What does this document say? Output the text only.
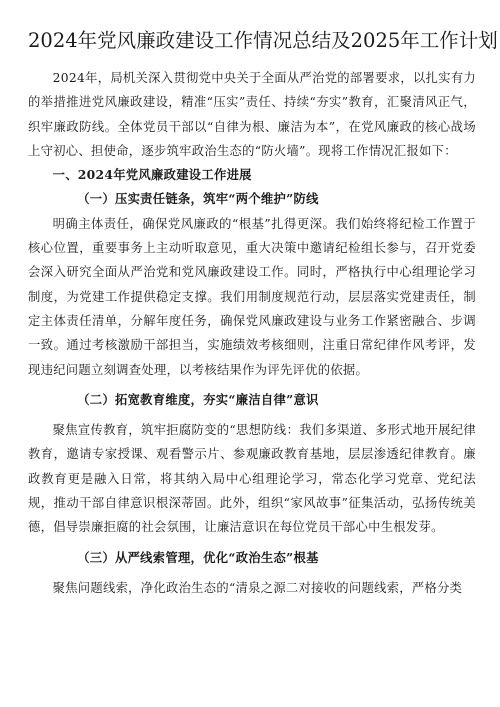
2024年党风廉政建设工作情况总结及2025年工作计划

2024年，局机关深入贯彻党中央关于全面从严治党的部署要求，以扎实有力的举措推进党风廉政建设，精准“压实”责任、持续“夯实”教育，汇聚清风正气，织牢廉政防线。全体党员干部以“自律为根、廉洁为本”，在党风廉政的核心战场上守初心、担使命，逐步筑牢政治生态的“防火墙”。现将工作情况汇报如下：

一、2024年党风廉政建设工作进展

（一）压实责任链条，筑牢“两个维护”防线

明确主体责任，确保党风廉政的“根基”扎得更深。我们始终将纪检工作置于核心位置，重要事务上主动听取意见，重大决策中邀请纪检组长参与，召开党委会深入研究全面从严治党和党风廉政建设工作。同时，严格执行中心组理论学习制度，为党建工作提供稳定支撑。我们用制度规范行动，层层落实党建责任，制定主体责任清单，分解年度任务，确保党风廉政建设与业务工作紧密融合、步调一致。通过考核激励干部担当，实施绩效考核细则，注重日常纪律作风考评，发现违纪问题立刻调查处理，以考核结果作为评先评优的依据。

（二）拓宽教育维度，夯实“廉洁自律”意识

聚焦宣传教育，筑牢拒腐防变的“思想防线：我们多渠道、多形式地开展纪律教育，邀请专家授课、观看警示片、参观廉政教育基地，层层渗透纪律教育。廉政教育更是融入日常，将其纳入局中心组理论学习，常态化学习党章、党纪法规，推动干部自律意识根深蒂固。此外，组织“家风故事”征集活动，弘扬传统美德，倡导崇廉拒腐的社会氛围，让廉洁意识在每位党员干部心中生根发芽。

（三）从严线索管理，优化“政治生态”根基

聚焦问题线索，净化政治生态的“清泉之源二对接收的问题线索，严格分类
